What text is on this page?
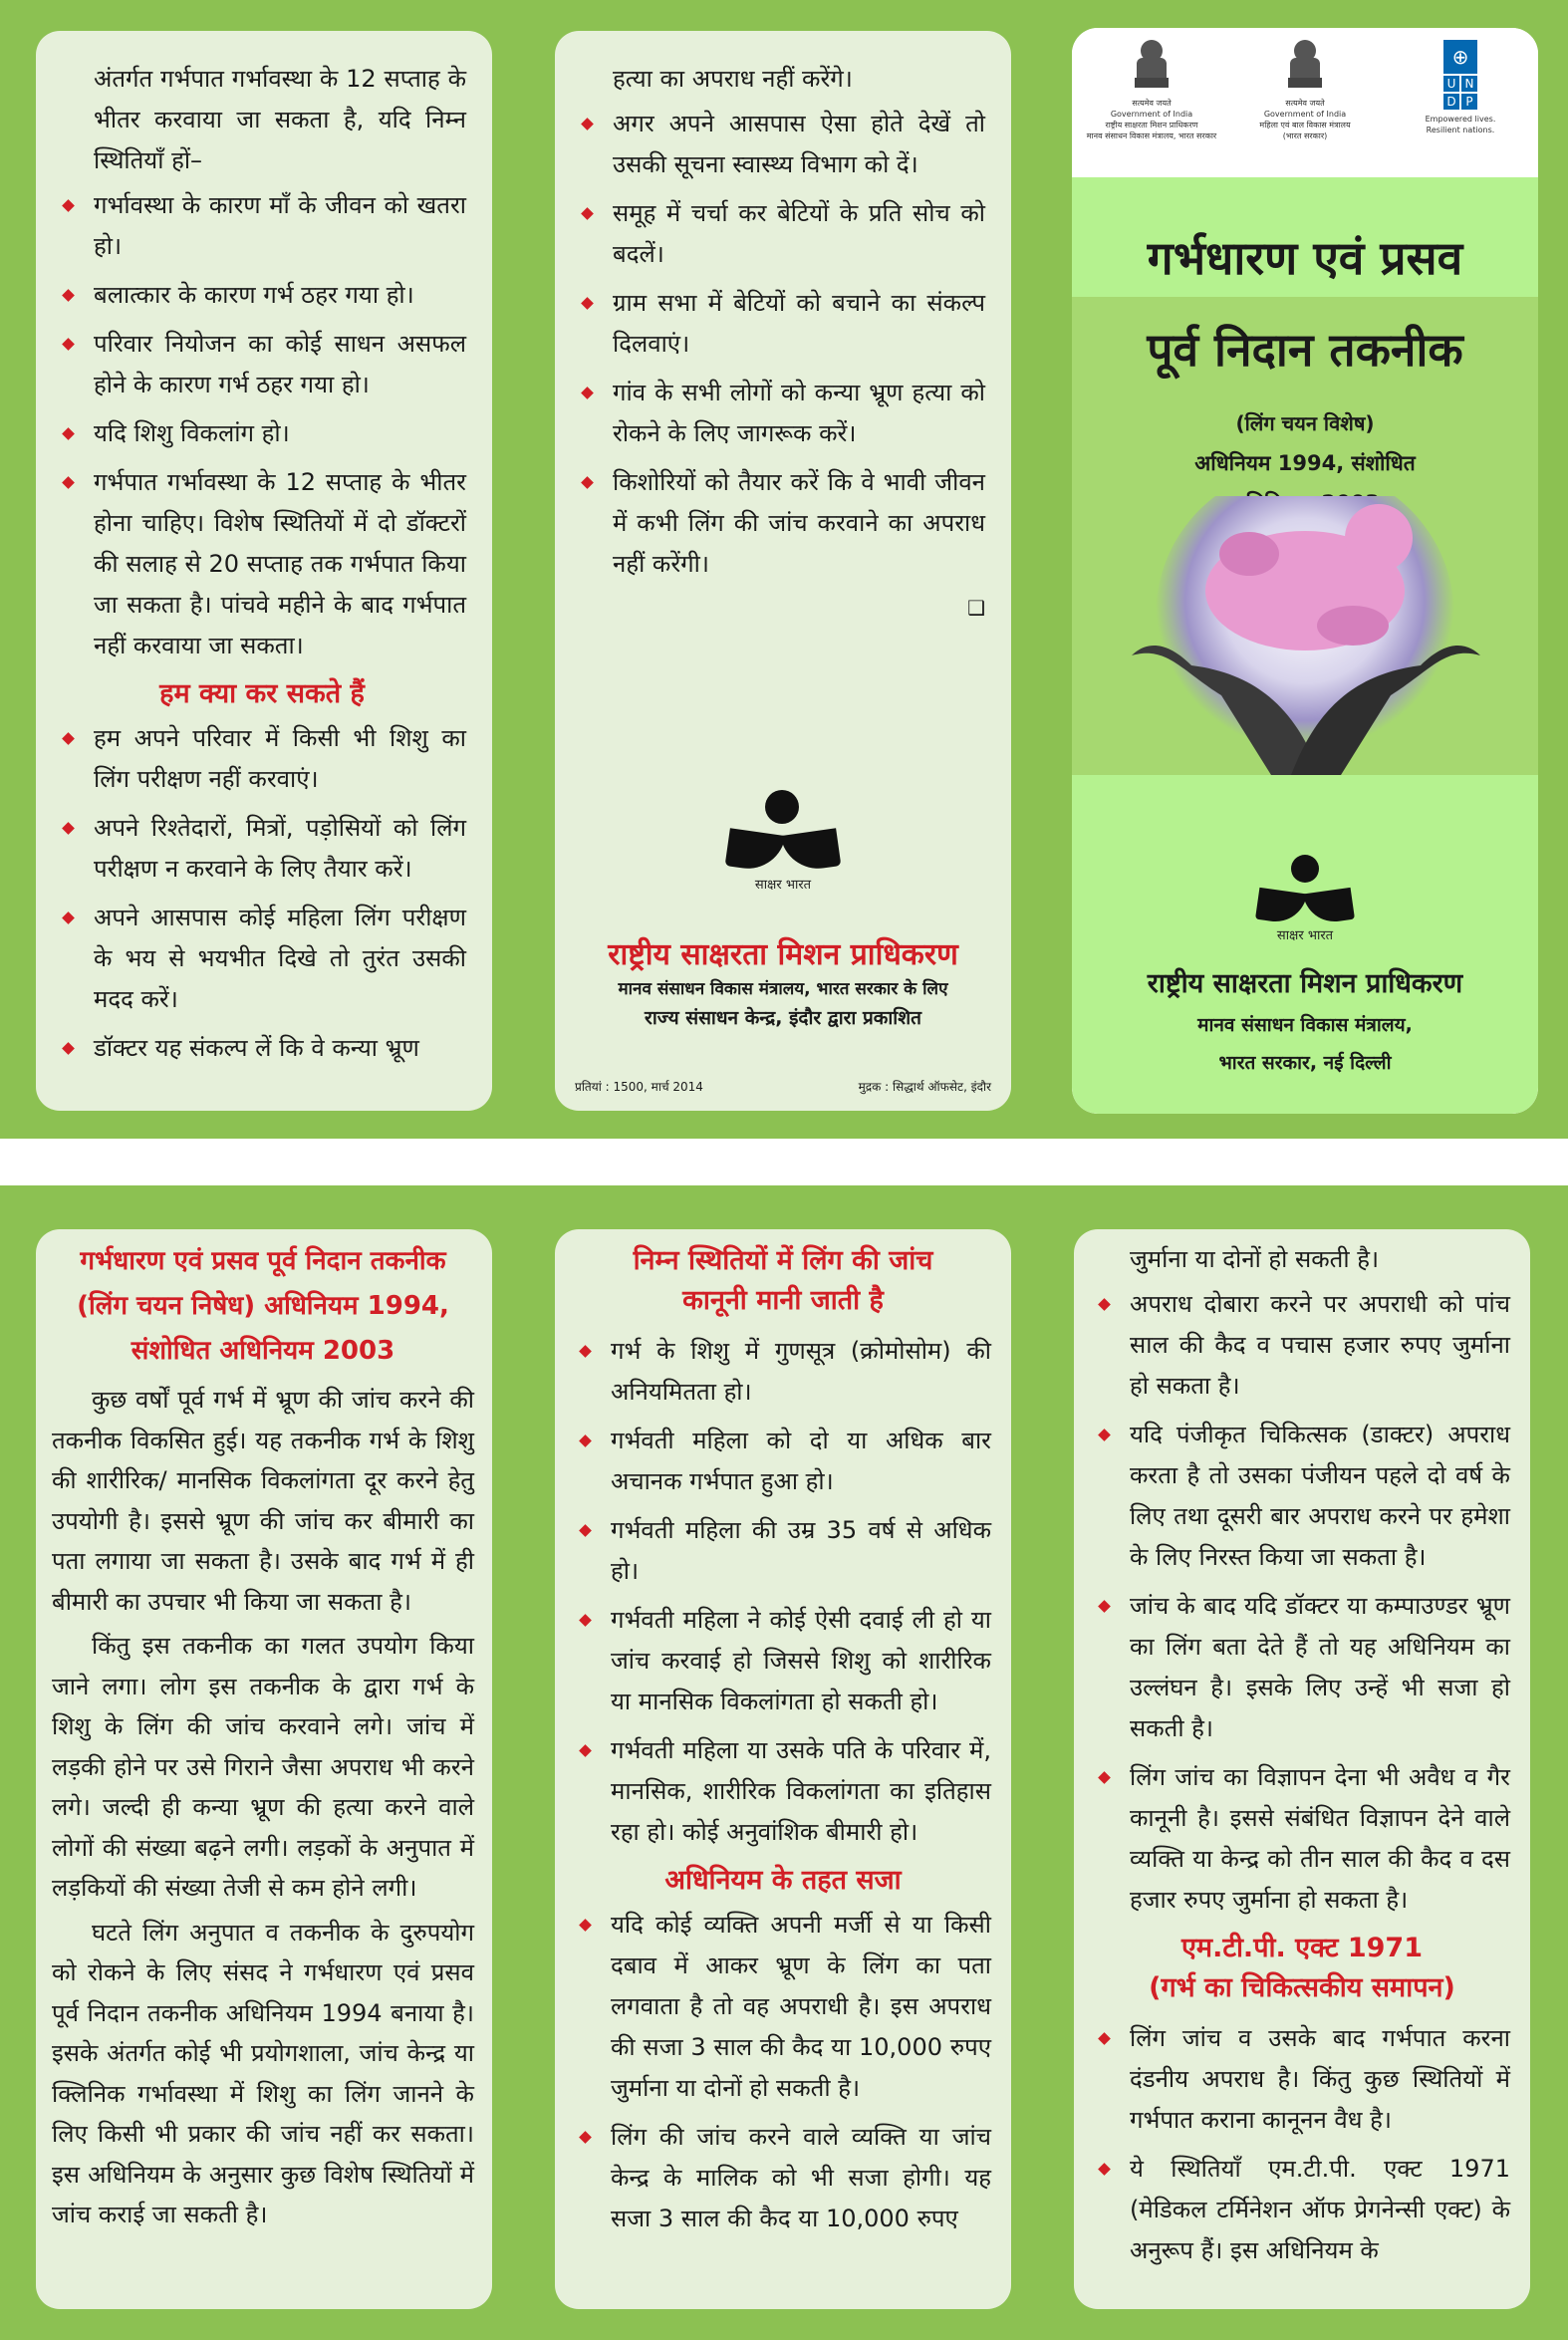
अंतर्गत गर्भपात गर्भावस्था के 12 सप्ताह के भीतर करवाया जा सकता है, यदि निम्न स्थितियाँ हों–

गर्भावस्था के कारण माँ के जीवन को खतरा हो।
बलात्कार के कारण गर्भ ठहर गया हो।
परिवार नियोजन का कोई साधन असफल होने के कारण गर्भ ठहर गया हो।
यदि शिशु विकलांग हो।
गर्भपात गर्भावस्था के 12 सप्ताह के भीतर होना चाहिए। विशेष स्थितियों में दो डॉक्टरों की सलाह से 20 सप्ताह तक गर्भपात किया जा सकता है। पांचवे महीने के बाद गर्भपात नहीं करवाया जा सकता।

हम क्या कर सकते हैं

हम अपने परिवार में किसी भी शिशु का लिंग परीक्षण नहीं करवाएं।
अपने रिश्तेदारों, मित्रों, पड़ोसियों को लिंग परीक्षण न करवाने के लिए तैयार करें।
अपने आसपास कोई महिला लिंग परीक्षण के भय से भयभीत दिखे तो तुरंत उसकी मदद करें।
डॉक्टर यह संकल्प लें कि वे कन्या भ्रूण

हत्या का अपराध नहीं करेंगे।

अगर अपने आसपास ऐसा होते देखें तो उसकी सूचना स्वास्थ्य विभाग को दें।
समूह में चर्चा कर बेटियों के प्रति सोच को बदलें।
ग्राम सभा में बेटियों को बचाने का संकल्प दिलवाएं।
गांव के सभी लोगों को कन्या भ्रूण हत्या को रोकने के लिए जागरूक करें।
किशोरियों को तैयार करें कि वे भावी जीवन में कभी लिंग की जांच करवाने का अपराध नहीं करेंगी।
❑
साक्षर भारत
राष्ट्रीय साक्षरता मिशन प्राधिकरण
मानव संसाधन विकास मंत्रालय, भारत सरकार के लिए
राज्य संसाधन केन्द्र, इंदौर द्वारा प्रकाशित
प्रतियां : 1500, मार्च 2014	मुद्रक : सिद्धार्थ ऑफसेट, इंदौर
सत्यमेव जयते
Government of India
राष्ट्रीय साक्षरता मिशन प्राधिकरण
मानव संसाधन विकास मंत्रालय, भारत सरकार
सत्यमेव जयते
Government of India
महिला एवं बाल विकास मंत्रालय
(भारत सरकार)
⊕
U N
D P
Empowered lives.
Resilient nations.
गर्भधारण एवं प्रसव
पूर्व निदान तकनीक
(लिंग चयन विशेष)
अधिनियम 1994, संशोधित
साक्षर भारत
राष्ट्रीय साक्षरता मिशन प्राधिकरण
मानव संसाधन विकास मंत्रालय,
भारत सरकार, नई दिल्ली

गर्भधारण एवं प्रसव पूर्व निदान तकनीक (लिंग चयन निषेध) अधिनियम 1994, संशोधित अधिनियम 2003

कुछ वर्षों पूर्व गर्भ में भ्रूण की जांच करने की तकनीक विकसित हुई। यह तकनीक गर्भ के शिशु की शारीरिक/ मानसिक विकलांगता दूर करने हेतु उपयोगी है। इससे भ्रूण की जांच कर बीमारी का पता लगाया जा सकता है। उसके बाद गर्भ में ही बीमारी का उपचार भी किया जा सकता है।

किंतु इस तकनीक का गलत उपयोग किया जाने लगा। लोग इस तकनीक के द्वारा गर्भ के शिशु के लिंग की जांच करवाने लगे। जांच में लड़की होने पर उसे गिराने जैसा अपराध भी करने लगे। जल्दी ही कन्या भ्रूण की हत्या करने वाले लोगों की संख्या बढ़ने लगी। लड़कों के अनुपात में लड़कियों की संख्या तेजी से कम होने लगी।

घटते लिंग अनुपात व तकनीक के दुरुपयोग को रोकने के लिए संसद ने गर्भधारण एवं प्रसव पूर्व निदान तकनीक अधिनियम 1994 बनाया है। इसके अंतर्गत कोई भी प्रयोगशाला, जांच केन्द्र या क्लिनिक गर्भावस्था में शिशु का लिंग जानने के लिए किसी भी प्रकार की जांच नहीं कर सकता। इस अधिनियम के अनुसार कुछ विशेष स्थितियों में जांच कराई जा सकती है।

निम्न स्थितियों में लिंग की जांच कानूनी मानी जाती है

गर्भ के शिशु में गुणसूत्र (क्रोमोसोम) की अनियमितता हो।
गर्भवती महिला को दो या अधिक बार अचानक गर्भपात हुआ हो।
गर्भवती महिला की उम्र 35 वर्ष से अधिक हो।
गर्भवती महिला ने कोई ऐसी दवाई ली हो या जांच करवाई हो जिससे शिशु को शारीरिक या मानसिक विकलांगता हो सकती हो।
गर्भवती महिला या उसके पति के परिवार में, मानसिक, शारीरिक विकलांगता का इतिहास रहा हो। कोई अनुवांशिक बीमारी हो।

अधिनियम के तहत सजा

यदि कोई व्यक्ति अपनी मर्जी से या किसी दबाव में आकर भ्रूण के लिंग का पता लगवाता है तो वह अपराधी है। इस अपराध की सजा 3 साल की कैद या 10,000 रुपए जुर्माना या दोनों हो सकती है।
लिंग की जांच करने वाले व्यक्ति या जांच केन्द्र के मालिक को भी सजा होगी। यह सजा 3 साल की कैद या 10,000 रुपए

जुर्माना या दोनों हो सकती है।

अपराध दोबारा करने पर अपराधी को पांच साल की कैद व पचास हजार रुपए जुर्माना हो सकता है।
यदि पंजीकृत चिकित्सक (डाक्टर) अपराध करता है तो उसका पंजीयन पहले दो वर्ष के लिए तथा दूसरी बार अपराध करने पर हमेशा के लिए निरस्त किया जा सकता है।
जांच के बाद यदि डॉक्टर या कम्पाउण्डर भ्रूण का लिंग बता देते हैं तो यह अधिनियम का उल्लंघन है। इसके लिए उन्हें भी सजा हो सकती है।
लिंग जांच का विज्ञापन देना भी अवैध व गैर कानूनी है। इससे संबंधित विज्ञापन देने वाले व्यक्ति या केन्द्र को तीन साल की कैद व दस हजार रुपए जुर्माना हो सकता है।
एम.टी.पी. एक्ट 1971
(गर्भ का चिकित्सकीय समापन)
लिंग जांच व उसके बाद गर्भपात करना दंडनीय अपराध है। किंतु कुछ स्थितियों में गर्भपात कराना कानूनन वैध है।
ये स्थितियाँ एम.टी.पी. एक्ट 1971 (मेडिकल टर्मिनेशन ऑफ प्रेगनेन्सी एक्ट) के अनुरूप हैं। इस अधिनियम के
